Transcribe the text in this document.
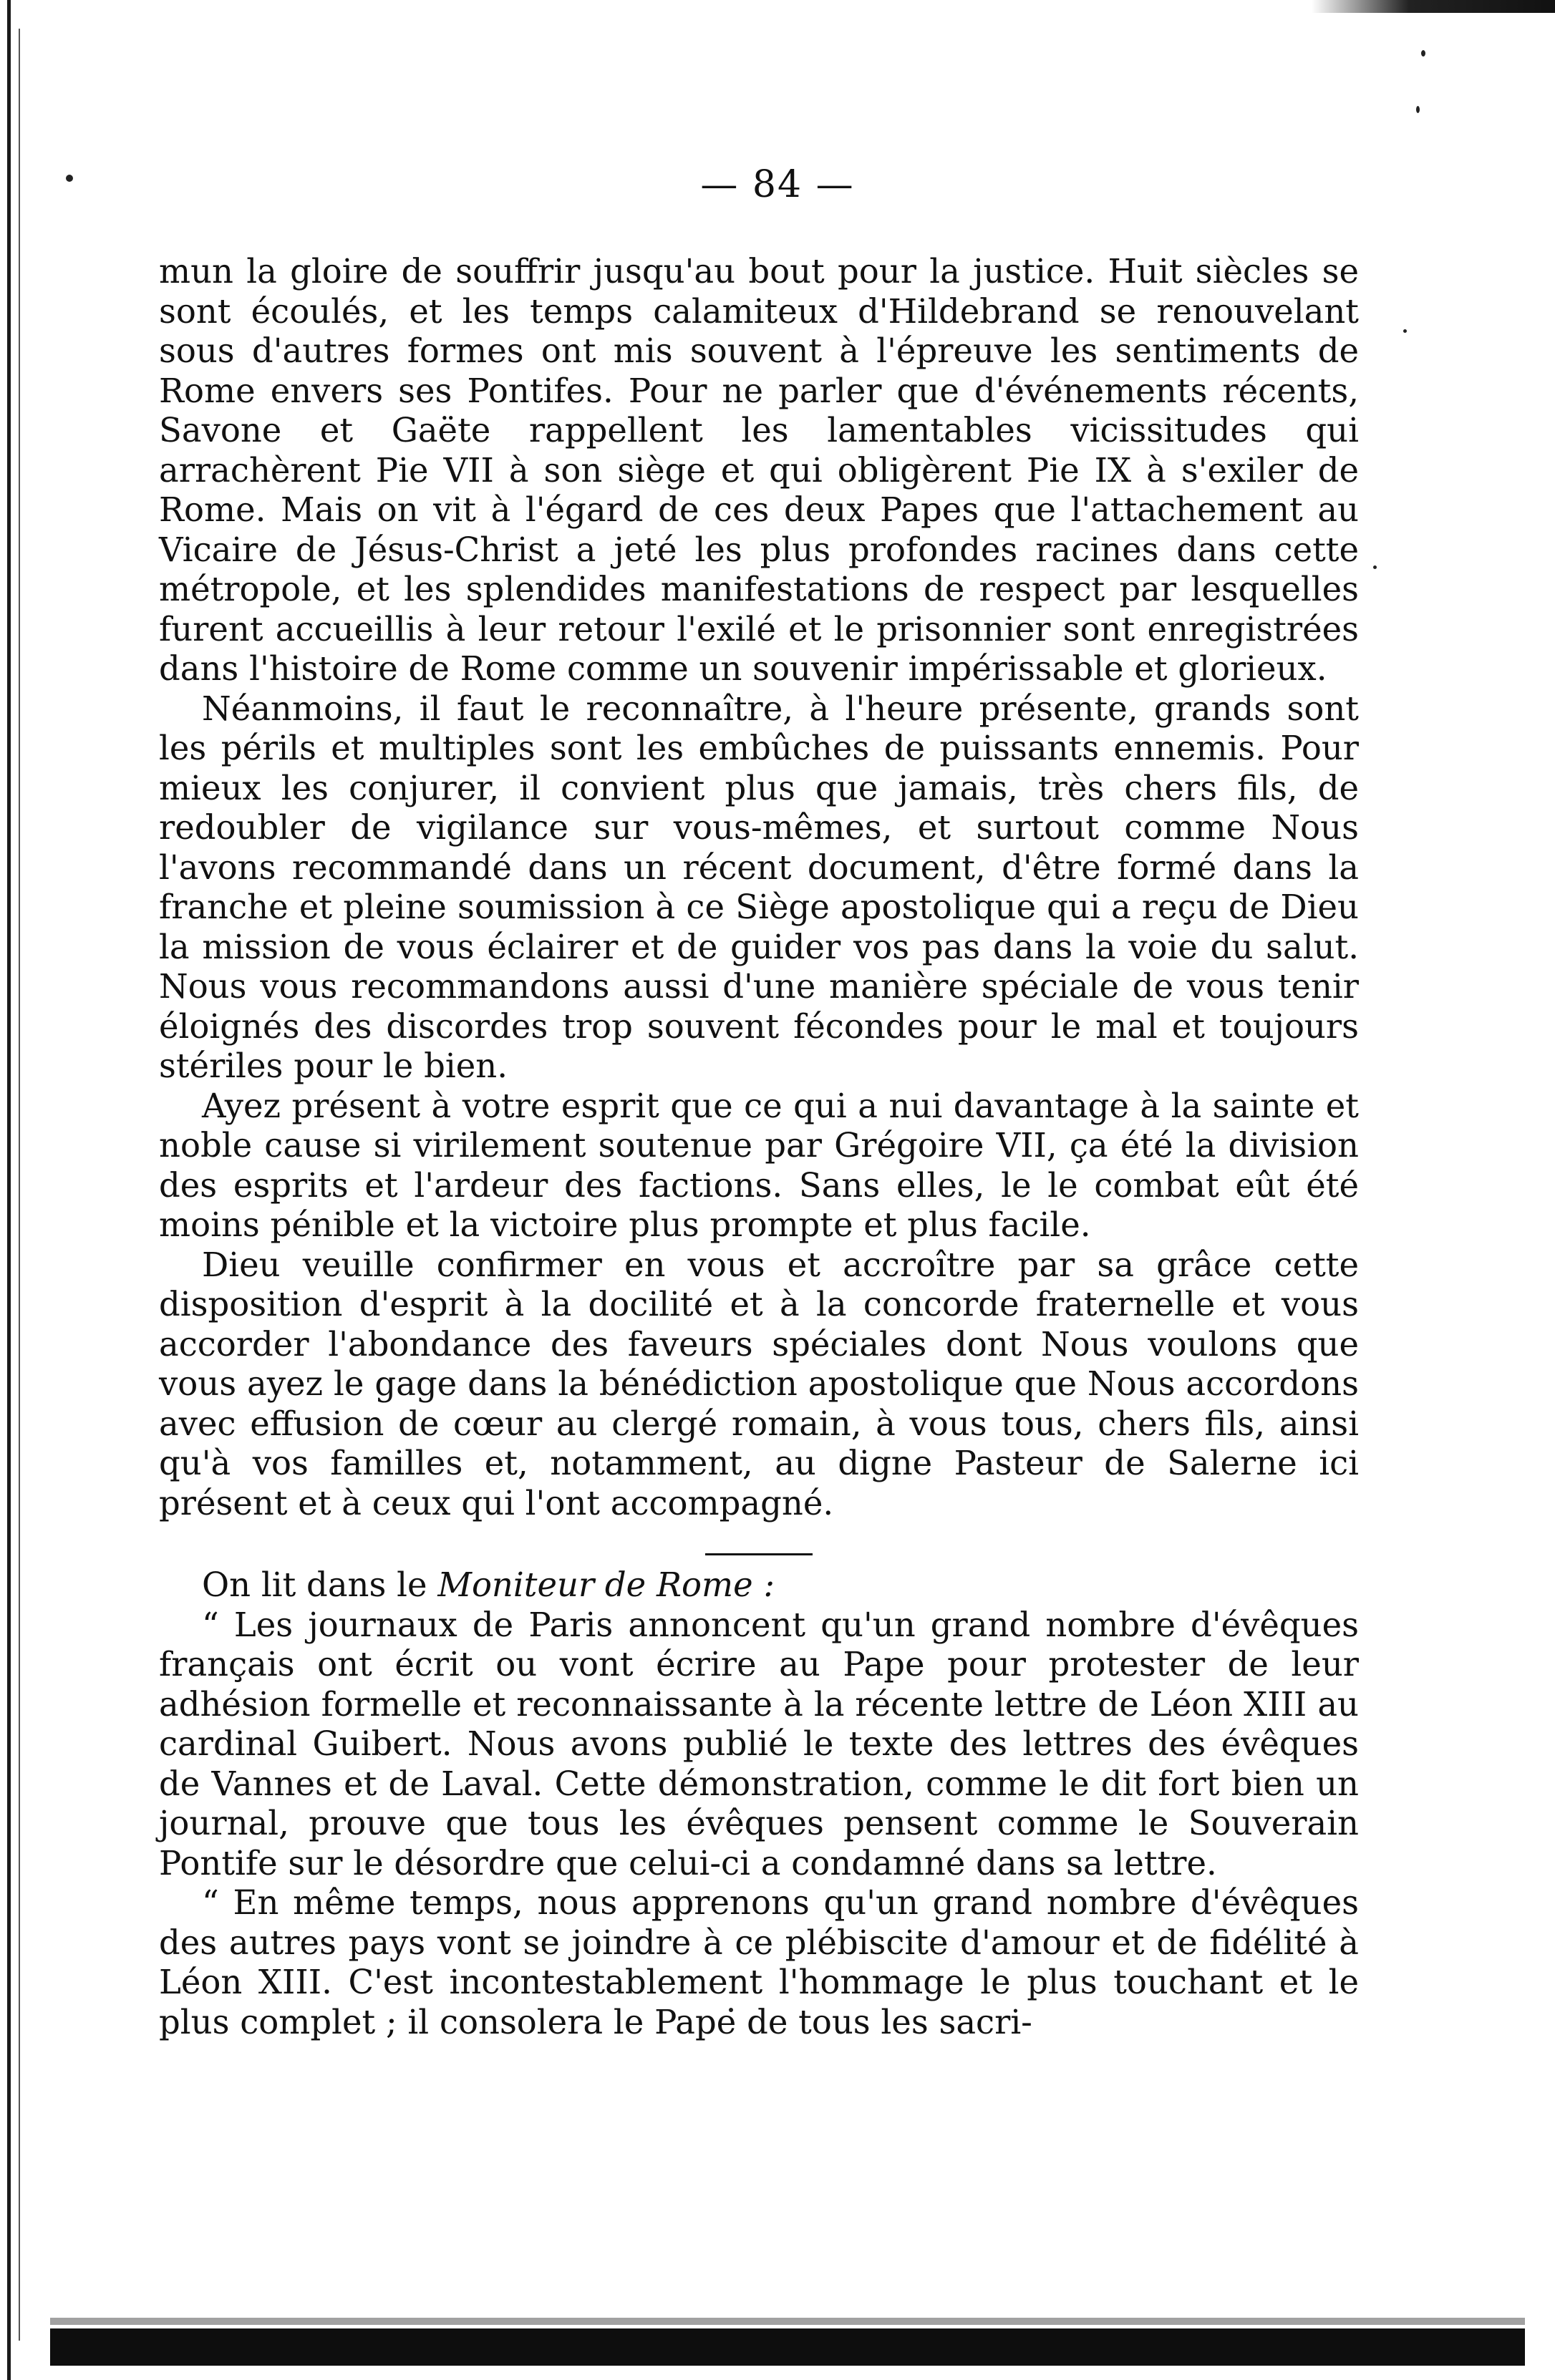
— 84 —

mun la gloire de souffrir jusqu'au bout pour la justice. Huit siècles se sont écoulés, et les temps calamiteux d'Hildebrand se renouvelant sous d'autres formes ont mis souvent à l'épreuve les sentiments de Rome envers ses Pontifes. Pour ne parler que d'événements récents, Savone et Gaëte rappellent les lamentables vicissitudes qui arrachèrent Pie VII à son siège et qui obligèrent Pie IX à s'exiler de Rome. Mais on vit à l'égard de ces deux Papes que l'attachement au Vicaire de Jésus-Christ a jeté les plus profondes racines dans cette métropole, et les splendides manifestations de respect par lesquelles furent accueillis à leur retour l'exilé et le prisonnier sont enregistrées dans l'histoire de Rome comme un souvenir impérissable et glorieux.

Néanmoins, il faut le reconnaître, à l'heure présente, grands sont les périls et multiples sont les embûches de puissants ennemis. Pour mieux les conjurer, il convient plus que jamais, très chers fils, de redoubler de vigilance sur vous-mêmes, et surtout comme Nous l'avons recommandé dans un récent document, d'être formé dans la franche et pleine soumission à ce Siège apostolique qui a reçu de Dieu la mission de vous éclairer et de guider vos pas dans la voie du salut. Nous vous recommandons aussi d'une manière spéciale de vous tenir éloignés des discordes trop souvent fécondes pour le mal et toujours stériles pour le bien.

Ayez présent à votre esprit que ce qui a nui davantage à la sainte et noble cause si virilement soutenue par Grégoire VII, ça été la division des esprits et l'ardeur des factions. Sans elles, le le combat eût été moins pénible et la victoire plus prompte et plus facile.

Dieu veuille confirmer en vous et accroître par sa grâce cette disposition d'esprit à la docilité et à la concorde fraternelle et vous accorder l'abondance des faveurs spéciales dont Nous voulons que vous ayez le gage dans la bénédiction apostolique que Nous accordons avec effusion de cœur au clergé romain, à vous tous, chers fils, ainsi qu'à vos familles et, notamment, au digne Pasteur de Salerne ici présent et à ceux qui l'ont accompagné.

On lit dans le Moniteur de Rome :

“ Les journaux de Paris annoncent qu'un grand nombre d'évêques français ont écrit ou vont écrire au Pape pour protester de leur adhésion formelle et reconnaissante à la récente lettre de Léon XIII au cardinal Guibert. Nous avons publié le texte des lettres des évêques de Vannes et de Laval. Cette démonstration, comme le dit fort bien un journal, prouve que tous les évêques pensent comme le Souverain Pontife sur le désordre que celui-ci a condamné dans sa lettre.

“ En même temps, nous apprenons qu'un grand nombre d'évêques des autres pays vont se joindre à ce plébiscite d'amour et de fidélité à Léon XIII. C'est incontestablement l'hommage le plus touchant et le plus complet ; il consolera le Pape de tous les sacri-
